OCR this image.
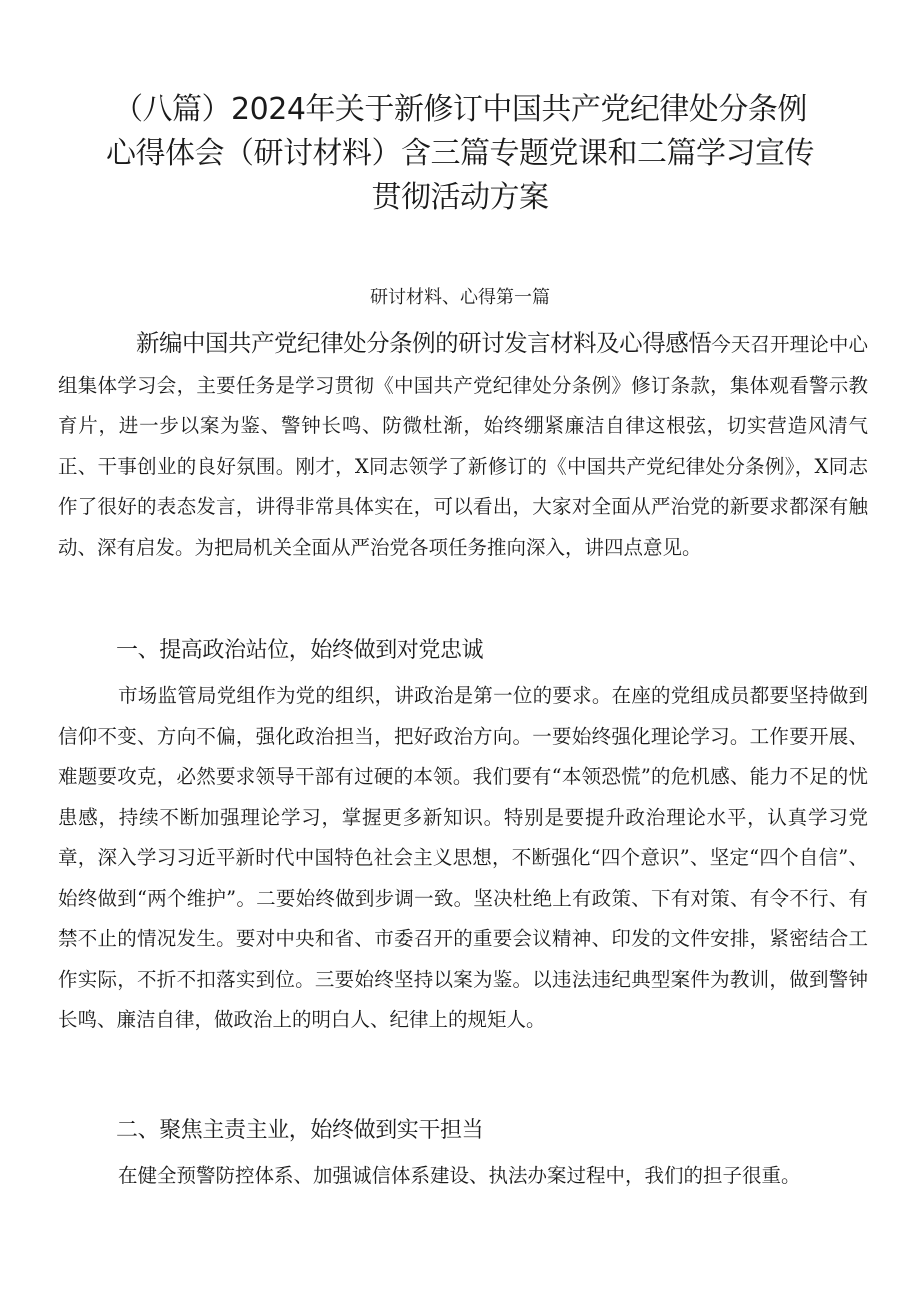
（八篇）2024年关于新修订中国共产党纪律处分条例
心得体会（研讨材料）含三篇专题党课和二篇学习宣传
贯彻活动方案

研讨材料、心得第一篇

新编中国共产党纪律处分条例的研讨发言材料及心得感悟今天召开理论中心组集体学习会，主要任务是学习贯彻《中国共产党纪律处分条例》修订条款，集体观看警示教育片，进一步以案为鉴、警钟长鸣、防微杜渐，始终绷紧廉洁自律这根弦，切实营造风清气正、干事创业的良好氛围。刚才，X同志领学了新修订的《中国共产党纪律处分条例》，X同志作了很好的表态发言，讲得非常具体实在，可以看出，大家对全面从严治党的新要求都深有触动、深有启发。为把局机关全面从严治党各项任务推向深入，讲四点意见。

一、提高政治站位，始终做到对党忠诚

市场监管局党组作为党的组织，讲政治是第一位的要求。在座的党组成员都要坚持做到信仰不变、方向不偏，强化政治担当，把好政治方向。一要始终强化理论学习。工作要开展、难题要攻克，必然要求领导干部有过硬的本领。我们要有“本领恐慌”的危机感、能力不足的忧患感，持续不断加强理论学习，掌握更多新知识。特别是要提升政治理论水平，认真学习党章，深入学习习近平新时代中国特色社会主义思想，不断强化“四个意识”、坚定“四个自信”、始终做到“两个维护”。二要始终做到步调一致。坚决杜绝上有政策、下有对策、有令不行、有禁不止的情况发生。要对中央和省、市委召开的重要会议精神、印发的文件安排，紧密结合工作实际，不折不扣落实到位。三要始终坚持以案为鉴。以违法违纪典型案件为教训，做到警钟长鸣、廉洁自律，做政治上的明白人、纪律上的规矩人。

二、聚焦主责主业，始终做到实干担当

在健全预警防控体系、加强诚信体系建设、执法办案过程中，我们的担子很重。
